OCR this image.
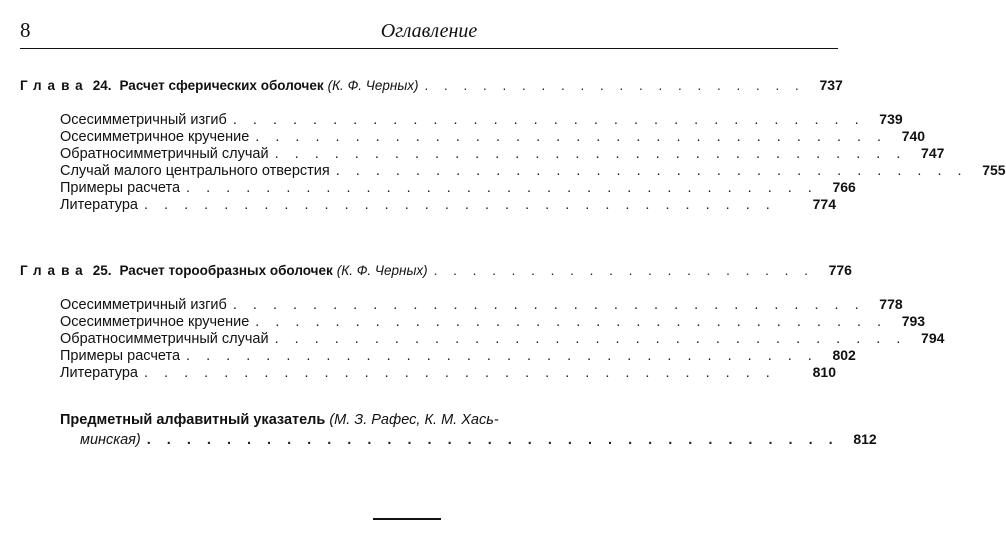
8	Оглавление
Глава 24. Расчет сферических оболочек (К. Ф. Черных) . . . . . . . . . . . . . . . . . . . .	737
Осесимметричный изгиб . . . . . . . . . . . . . . . . . . . . . . . . . . . . . . . .	739
Осесимметричное кручение . . . . . . . . . . . . . . . . . . . . . . . . . . . . . . . .	740
Обратносимметричный случай . . . . . . . . . . . . . . . . . . . . . . . . . . . . . . . .	747
Случай малого центрального отверстия . . . . . . . . . . . . . . . . . . . . . . . . . . . . . . . .	755
Примеры расчета . . . . . . . . . . . . . . . . . . . . . . . . . . . . . . . .	766
Литература . . . . . . . . . . . . . . . . . . . . . . . . . . . . . . . .	774
Глава 25. Расчет торообразных оболочек (К. Ф. Черных) . . . . . . . . . . . . . . . . . . . .	776
Осесимметричный изгиб . . . . . . . . . . . . . . . . . . . . . . . . . . . . . . . .	778
Осесимметричное кручение . . . . . . . . . . . . . . . . . . . . . . . . . . . . . . . .	793
Обратносимметричный случай . . . . . . . . . . . . . . . . . . . . . . . . . . . . . . . .	794
Примеры расчета . . . . . . . . . . . . . . . . . . . . . . . . . . . . . . . .	802
Литература . . . . . . . . . . . . . . . . . . . . . . . . . . . . . . . .	810
Предметный алфавитный указатель (М. З. Рафес, К. М. Хась-
минская) . . . . . . . . . . . . . . . . . . . . . . . . . . . . . . . . . . .	812
